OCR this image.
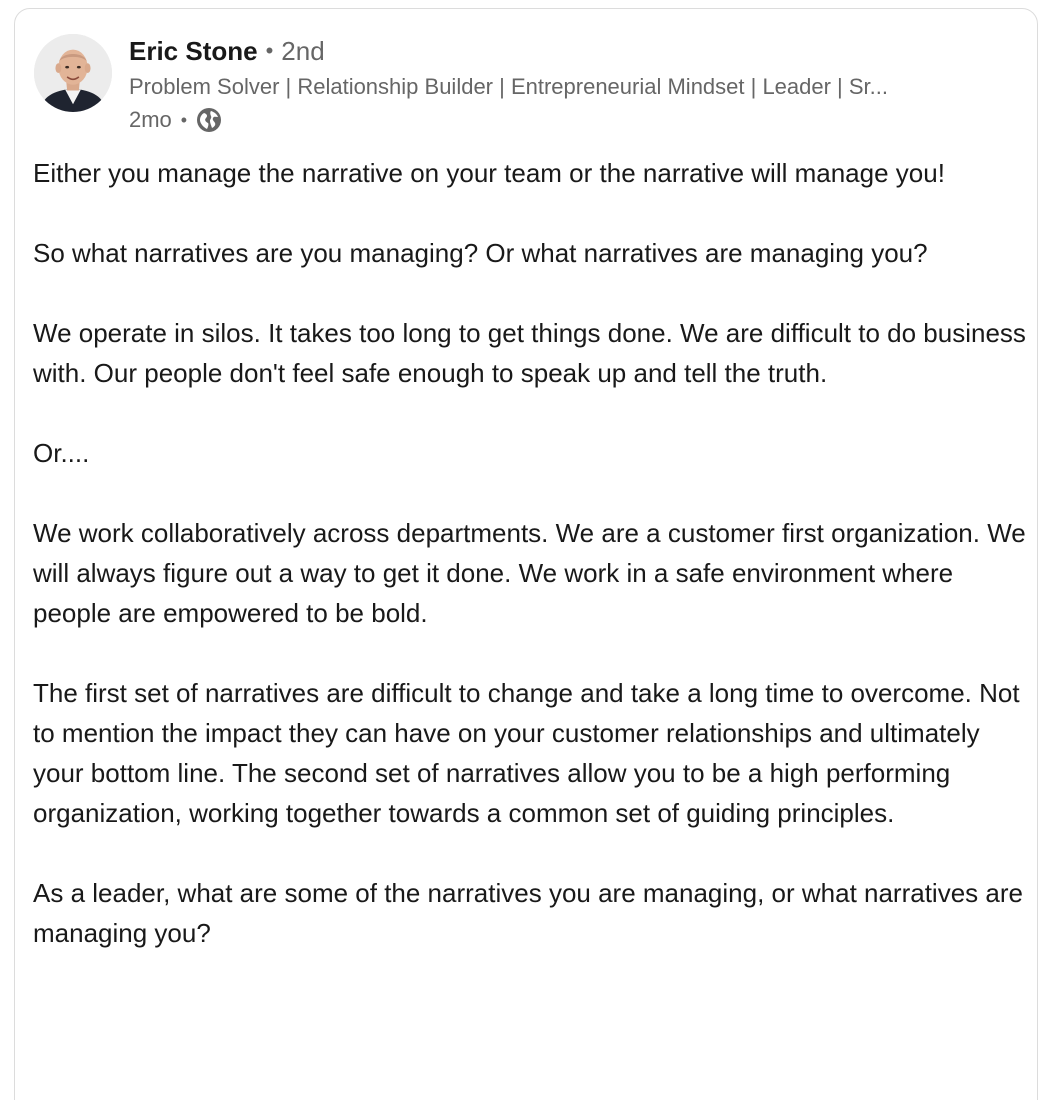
Eric Stone • 2nd
Problem Solver | Relationship Builder | Entrepreneurial Mindset | Leader | Sr...
2mo •

Either you manage the narrative on your team or the narrative will manage you!

So what narratives are you managing? Or what narratives are managing you?

We operate in silos. It takes too long to get things done. We are difficult to do business with. Our people don't feel safe enough to speak up and tell the truth.

Or....

We work collaboratively across departments. We are a customer first organization. We will always figure out a way to get it done. We work in a safe environment where people are empowered to be bold.

The first set of narratives are difficult to change and take a long time to overcome. Not to mention the impact they can have on your customer relationships and ultimately your bottom line. The second set of narratives allow you to be a high performing organization, working together towards a common set of guiding principles.

As a leader, what are some of the narratives you are managing, or what narratives are managing you?
